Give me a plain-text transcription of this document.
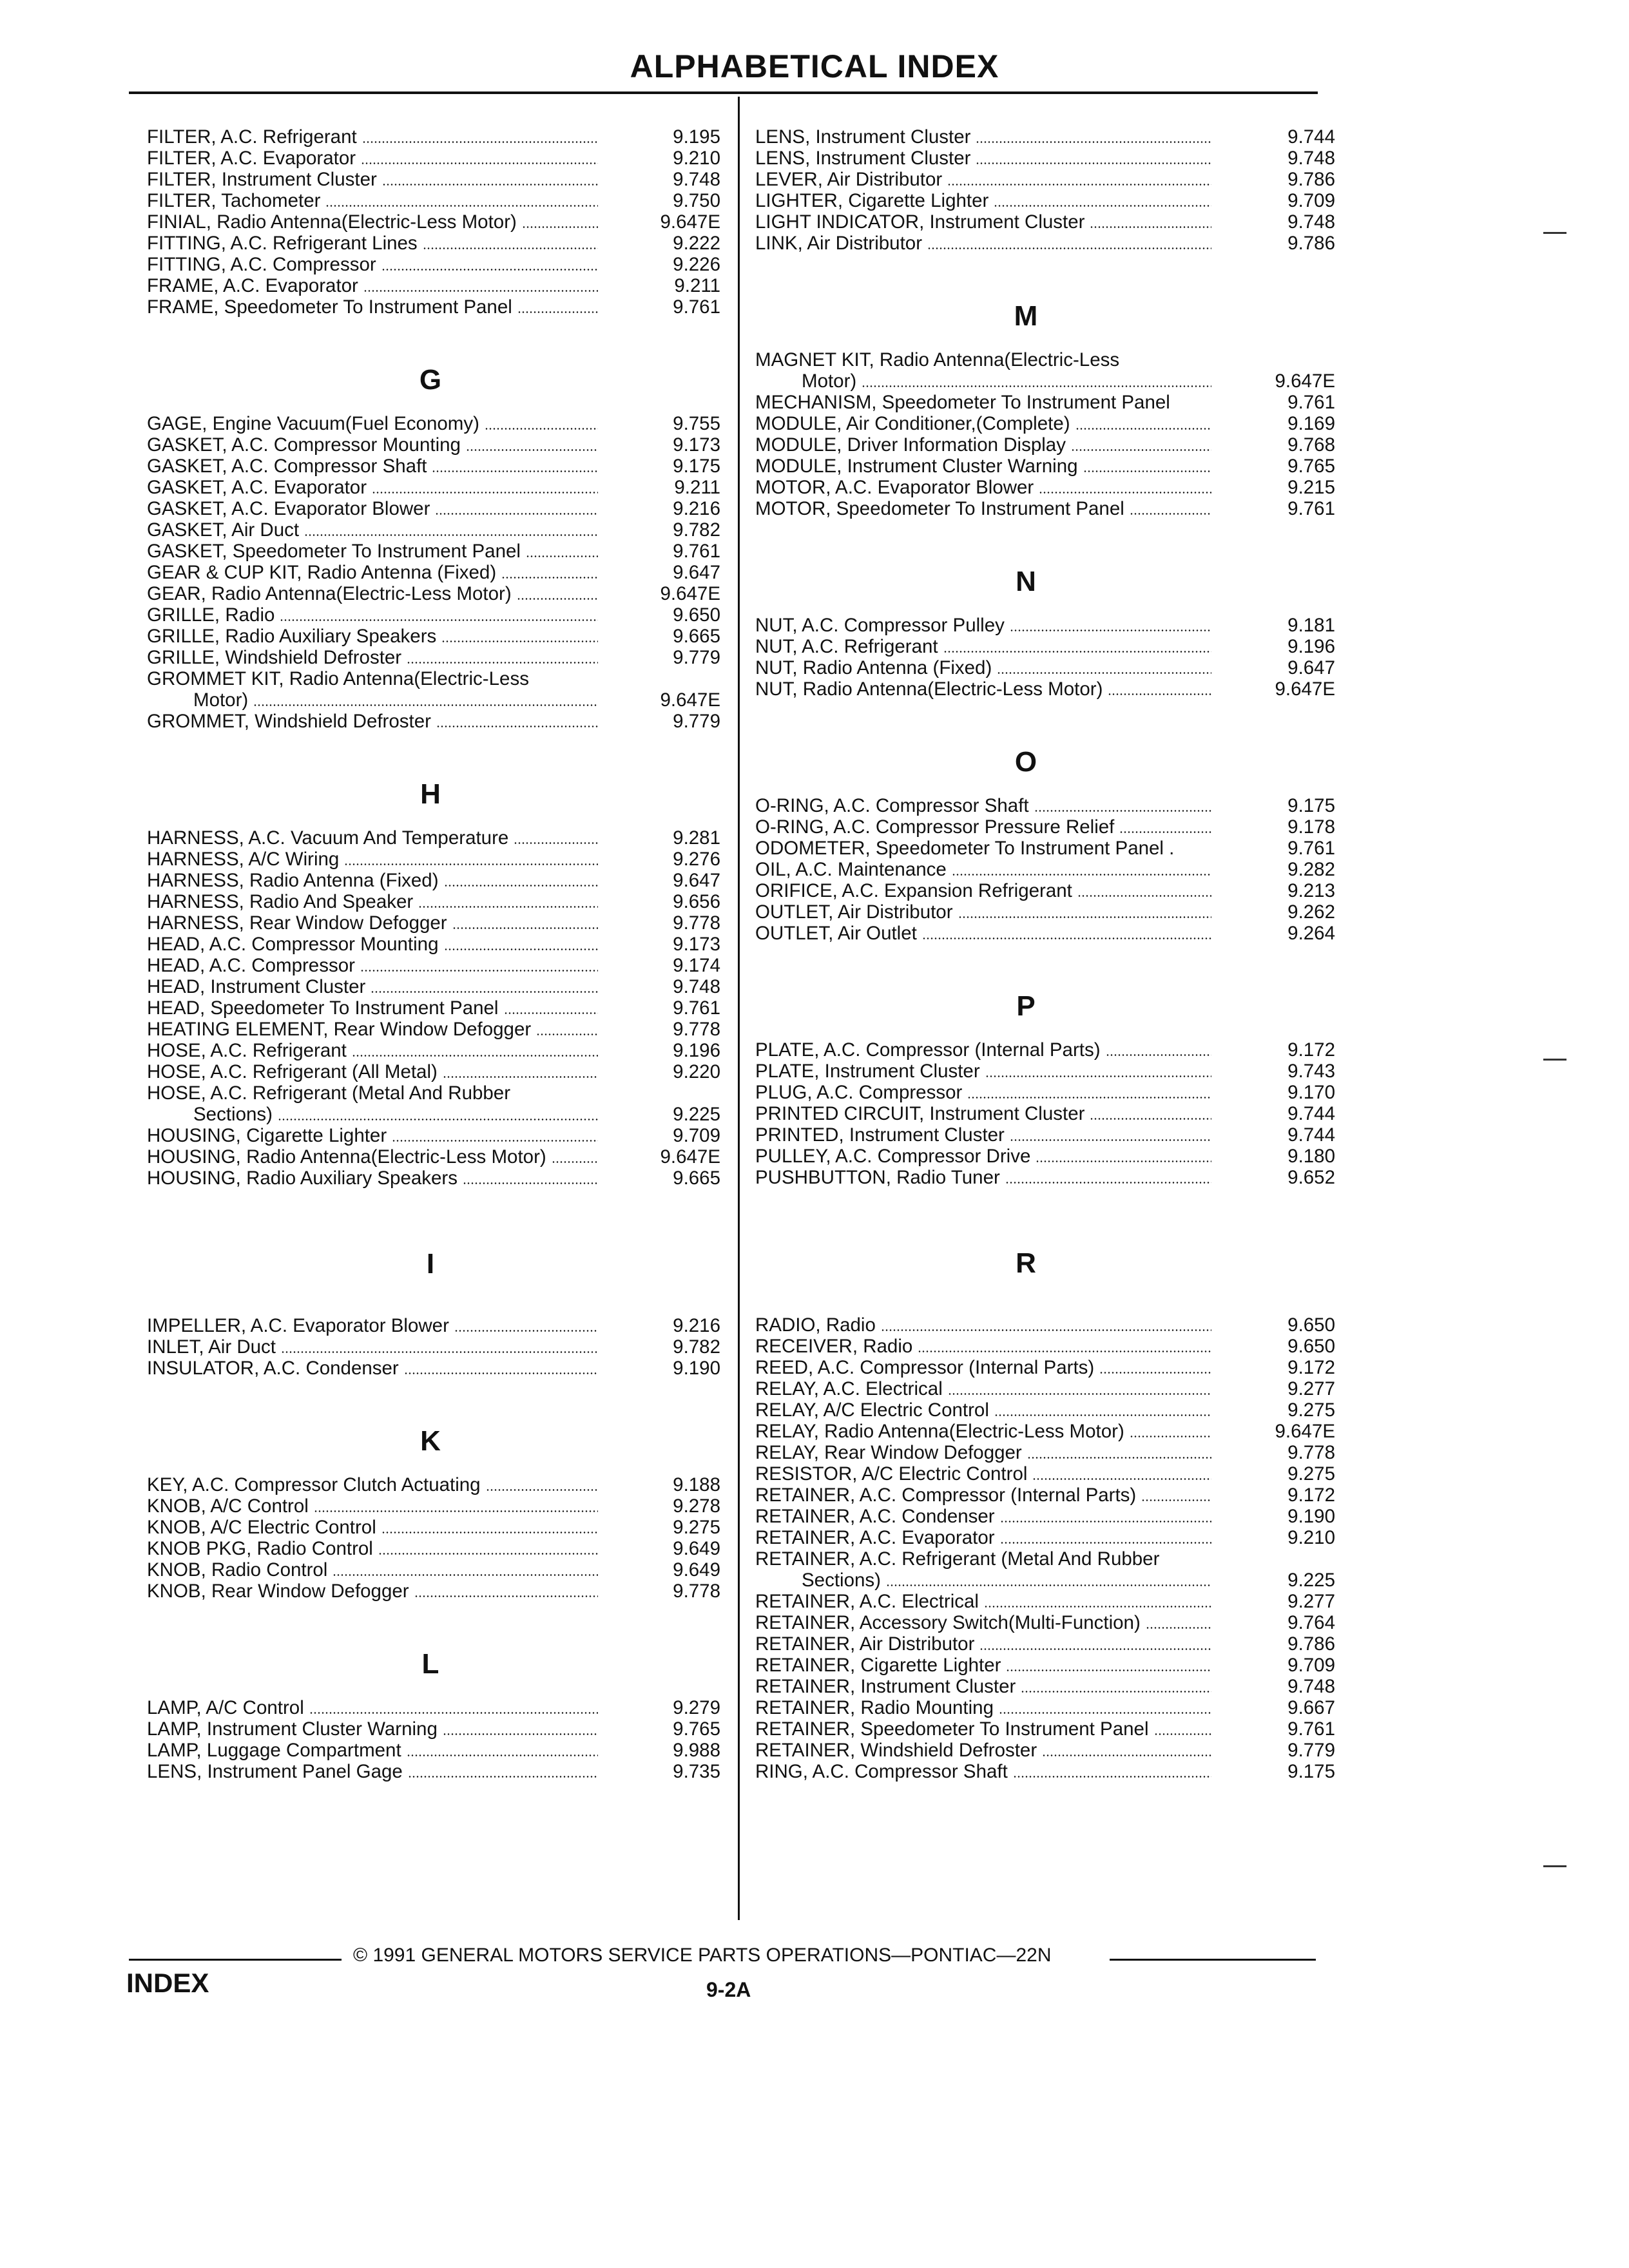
ALPHABETICAL INDEX
FILTER, A.C. Refrigerant	9.195
FILTER, A.C. Evaporator	9.210
FILTER, Instrument Cluster	9.748
FILTER, Tachometer	9.750
FINIAL, Radio Antenna(Electric-Less Motor)	9.647E
FITTING, A.C. Refrigerant Lines	9.222
FITTING, A.C. Compressor	9.226
FRAME, A.C. Evaporator	9.211
FRAME, Speedometer To Instrument Panel	9.761
G
GAGE, Engine Vacuum(Fuel Economy)	9.755
GASKET, A.C. Compressor Mounting	9.173
GASKET, A.C. Compressor Shaft	9.175
GASKET, A.C. Evaporator	9.211
GASKET, A.C. Evaporator Blower	9.216
GASKET, Air Duct	9.782
GASKET, Speedometer To Instrument Panel	9.761
GEAR & CUP KIT, Radio Antenna (Fixed)	9.647
GEAR, Radio Antenna(Electric-Less Motor)	9.647E
GRILLE, Radio	9.650
GRILLE, Radio Auxiliary Speakers	9.665
GRILLE, Windshield Defroster	9.779
GROMMET KIT, Radio Antenna(Electric-Less
Motor)	9.647E
GROMMET, Windshield Defroster	9.779
H
HARNESS, A.C. Vacuum And Temperature	9.281
HARNESS, A/C Wiring	9.276
HARNESS, Radio Antenna (Fixed)	9.647
HARNESS, Radio And Speaker	9.656
HARNESS, Rear Window Defogger	9.778
HEAD, A.C. Compressor Mounting	9.173
HEAD, A.C. Compressor	9.174
HEAD, Instrument Cluster	9.748
HEAD, Speedometer To Instrument Panel	9.761
HEATING ELEMENT, Rear Window Defogger	9.778
HOSE, A.C. Refrigerant	9.196
HOSE, A.C. Refrigerant (All Metal)	9.220
HOSE, A.C. Refrigerant (Metal And Rubber
Sections)	9.225
HOUSING, Cigarette Lighter	9.709
HOUSING, Radio Antenna(Electric-Less Motor)	9.647E
HOUSING, Radio Auxiliary Speakers	9.665
I
IMPELLER, A.C. Evaporator Blower	9.216
INLET, Air Duct	9.782
INSULATOR, A.C. Condenser	9.190
K
KEY, A.C. Compressor Clutch Actuating	9.188
KNOB, A/C Control	9.278
KNOB, A/C Electric Control	9.275
KNOB PKG, Radio Control	9.649
KNOB, Radio Control	9.649
KNOB, Rear Window Defogger	9.778
L
LAMP, A/C Control	9.279
LAMP, Instrument Cluster Warning	9.765
LAMP, Luggage Compartment	9.988
LENS, Instrument Panel Gage	9.735
LENS, Instrument Cluster	9.744
LENS, Instrument Cluster	9.748
LEVER, Air Distributor	9.786
LIGHTER, Cigarette Lighter	9.709
LIGHT INDICATOR, Instrument Cluster	9.748
LINK, Air Distributor	9.786
M
MAGNET KIT, Radio Antenna(Electric-Less
Motor)	9.647E
MECHANISM, Speedometer To Instrument Panel	9.761
MODULE, Air Conditioner,(Complete)	9.169
MODULE, Driver Information Display	9.768
MODULE, Instrument Cluster Warning	9.765
MOTOR, A.C. Evaporator Blower	9.215
MOTOR, Speedometer To Instrument Panel	9.761
N
NUT, A.C. Compressor Pulley	9.181
NUT, A.C. Refrigerant	9.196
NUT, Radio Antenna (Fixed)	9.647
NUT, Radio Antenna(Electric-Less Motor)	9.647E
O
O-RING, A.C. Compressor Shaft	9.175
O-RING, A.C. Compressor Pressure Relief	9.178
ODOMETER, Speedometer To Instrument Panel .	9.761
OIL, A.C. Maintenance	9.282
ORIFICE, A.C. Expansion Refrigerant	9.213
OUTLET, Air Distributor	9.262
OUTLET, Air Outlet	9.264
P
PLATE, A.C. Compressor (Internal Parts)	9.172
PLATE, Instrument Cluster	9.743
PLUG, A.C. Compressor	9.170
PRINTED CIRCUIT, Instrument Cluster	9.744
PRINTED, Instrument Cluster	9.744
PULLEY, A.C. Compressor Drive	9.180
PUSHBUTTON, Radio Tuner	9.652
R
RADIO, Radio	9.650
RECEIVER, Radio	9.650
REED, A.C. Compressor (Internal Parts)	9.172
RELAY, A.C. Electrical	9.277
RELAY, A/C Electric Control	9.275
RELAY, Radio Antenna(Electric-Less Motor)	9.647E
RELAY, Rear Window Defogger	9.778
RESISTOR, A/C Electric Control	9.275
RETAINER, A.C. Compressor (Internal Parts)	9.172
RETAINER, A.C. Condenser	9.190
RETAINER, A.C. Evaporator	9.210
RETAINER, A.C. Refrigerant (Metal And Rubber
Sections)	9.225
RETAINER, A.C. Electrical	9.277
RETAINER, Accessory Switch(Multi-Function)	9.764
RETAINER, Air Distributor	9.786
RETAINER, Cigarette Lighter	9.709
RETAINER, Instrument Cluster	9.748
RETAINER, Radio Mounting	9.667
RETAINER, Speedometer To Instrument Panel	9.761
RETAINER, Windshield Defroster	9.779
RING, A.C. Compressor Shaft	9.175
© 1991 GENERAL MOTORS SERVICE PARTS OPERATIONS—PONTIAC—22N
INDEX	9-2A
